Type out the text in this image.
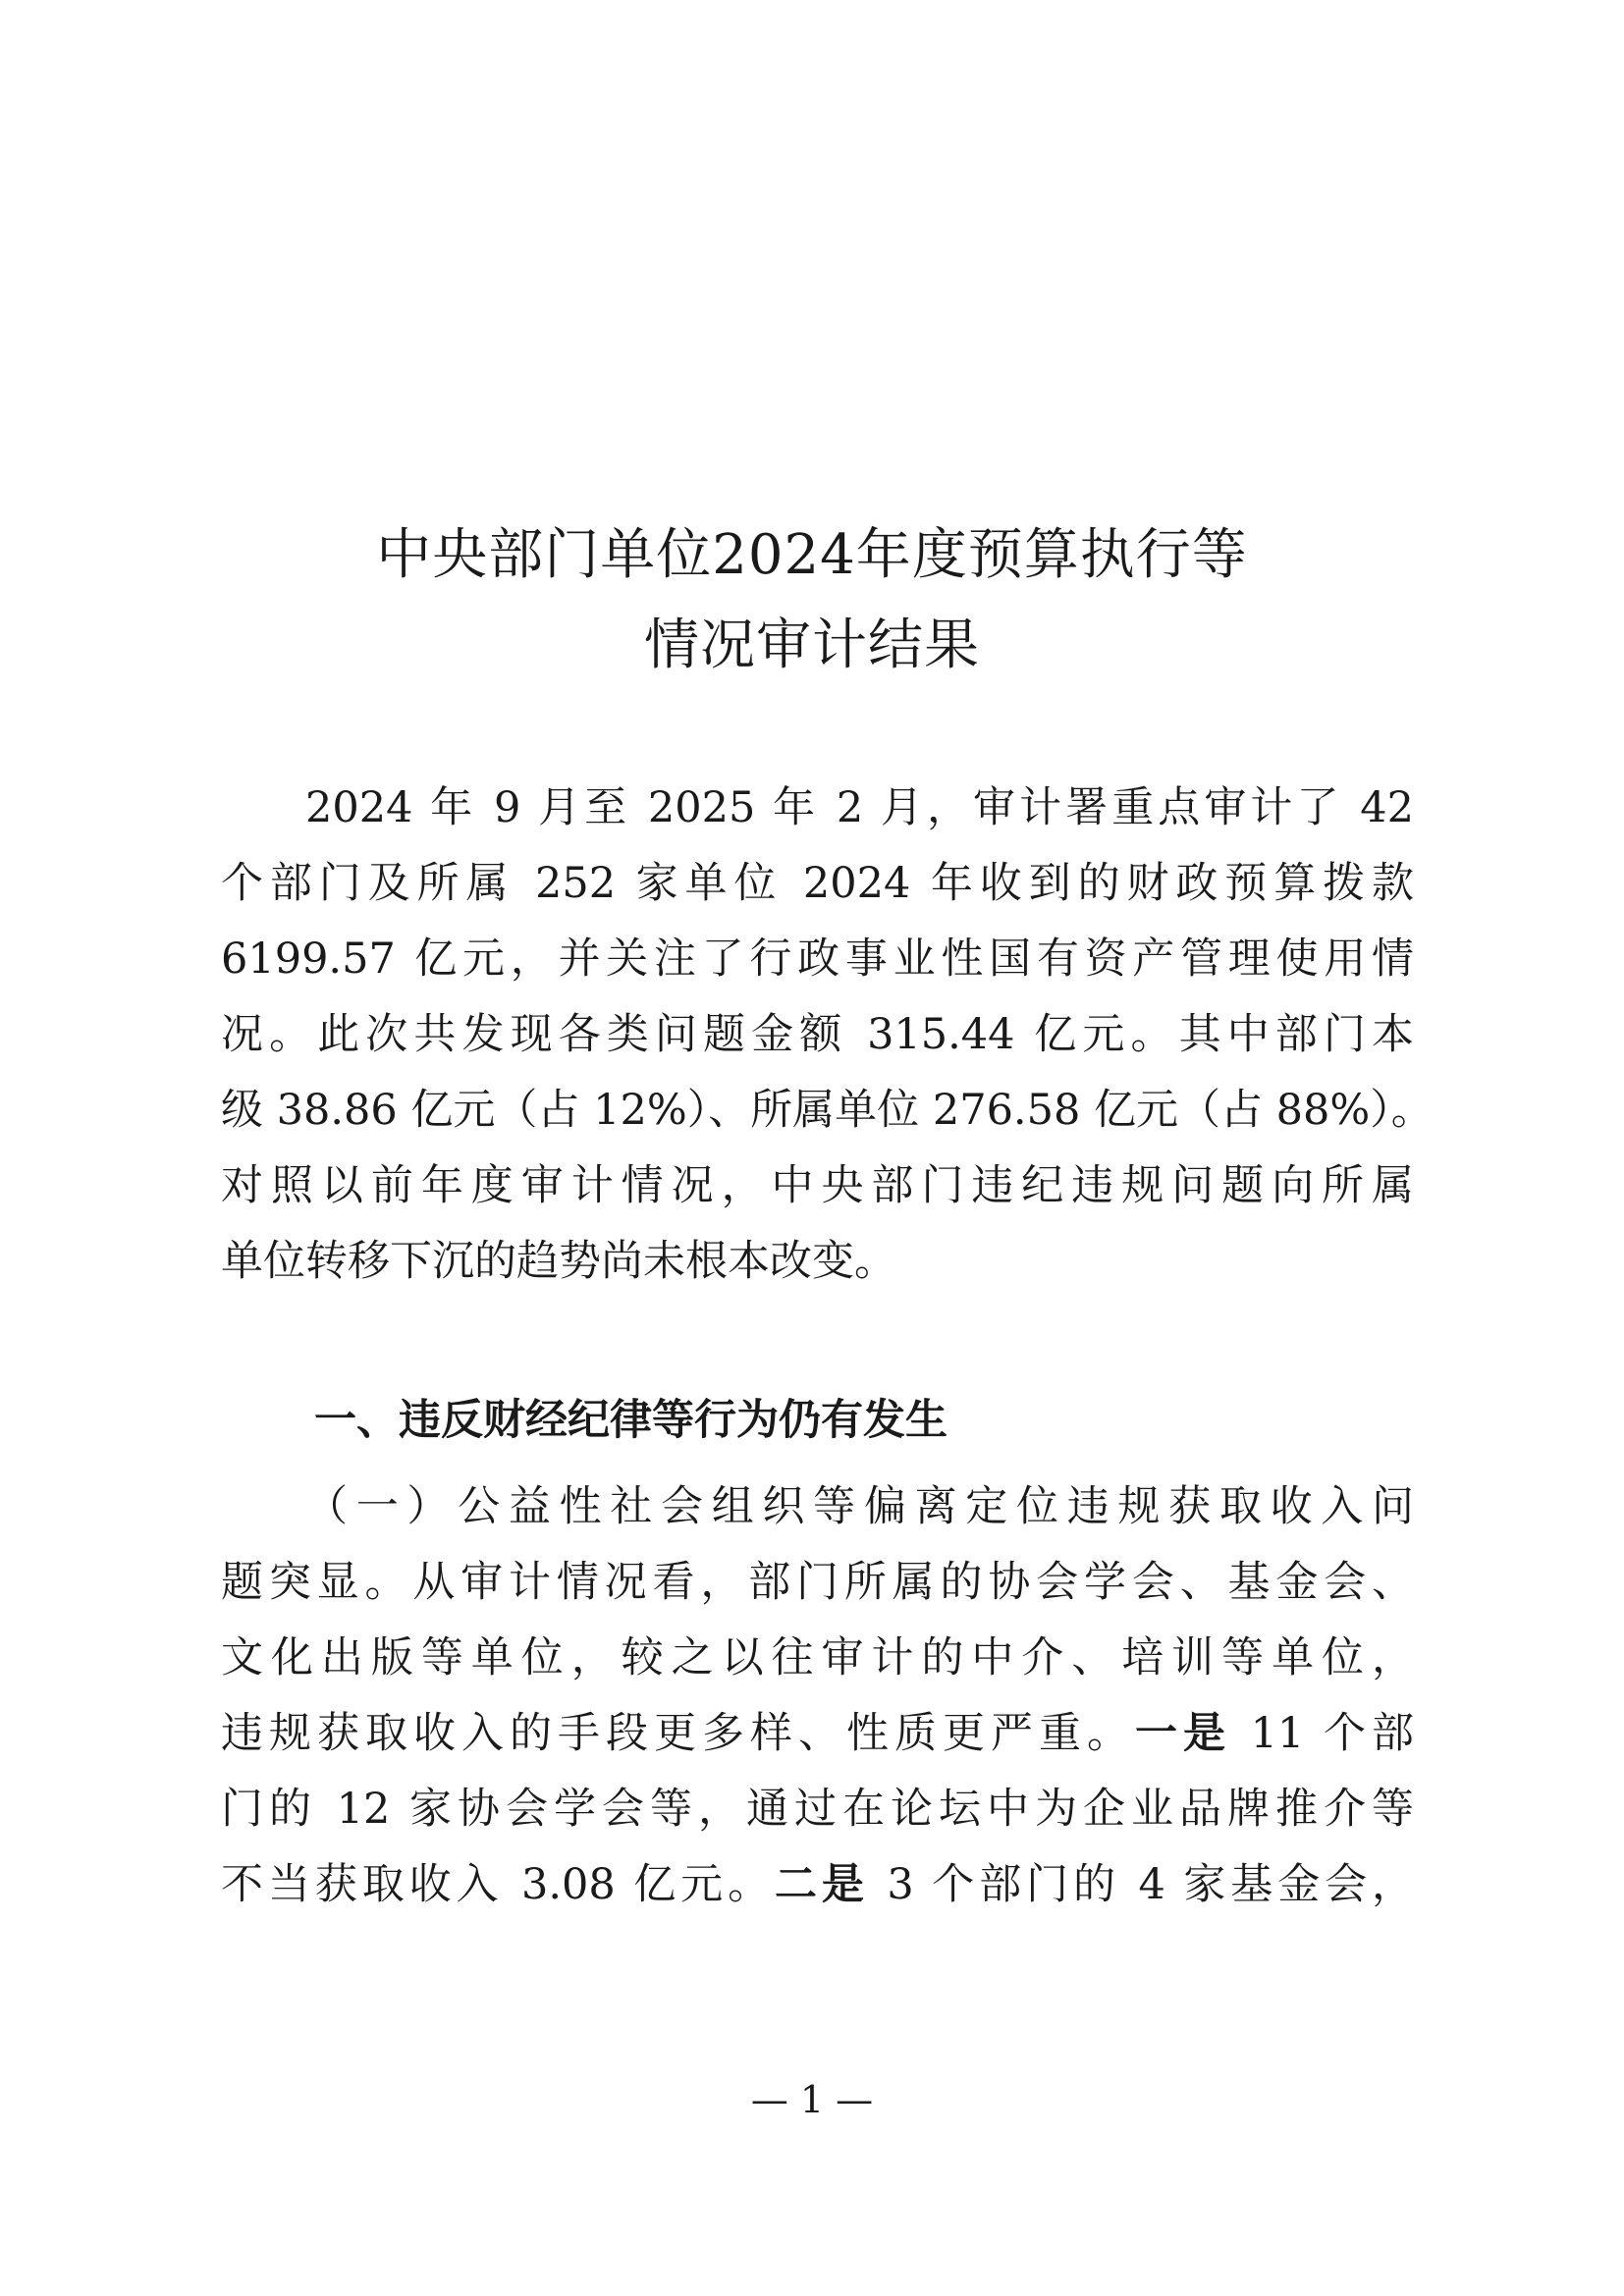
中央部门单位2024年度预算执行等
情况审计结果
2024 年 9 月至 2025 年 2 月，审计署重点审计了 42
个部门及所属 252 家单位 2024 年收到的财政预算拨款
6199.57 亿元，并关注了行政事业性国有资产管理使用情
况。此次共发现各类问题金额 315.44 亿元。其中部门本
级 38.86 亿元（占 12%）、所属单位 276.58 亿元（占 88%）。
对照以前年度审计情况，中央部门违纪违规问题向所属
单位转移下沉的趋势尚未根本改变。
一、违反财经纪律等行为仍有发生
（一）公益性社会组织等偏离定位违规获取收入问
题突显。从审计情况看，部门所属的协会学会、基金会、
文化出版等单位，较之以往审计的中介、培训等单位，
违规获取收入的手段更多样、性质更严重。一是 11 个部
门的 12 家协会学会等，通过在论坛中为企业品牌推介等
不当获取收入 3.08 亿元。二是 3 个部门的 4 家基金会，
— 1 —
